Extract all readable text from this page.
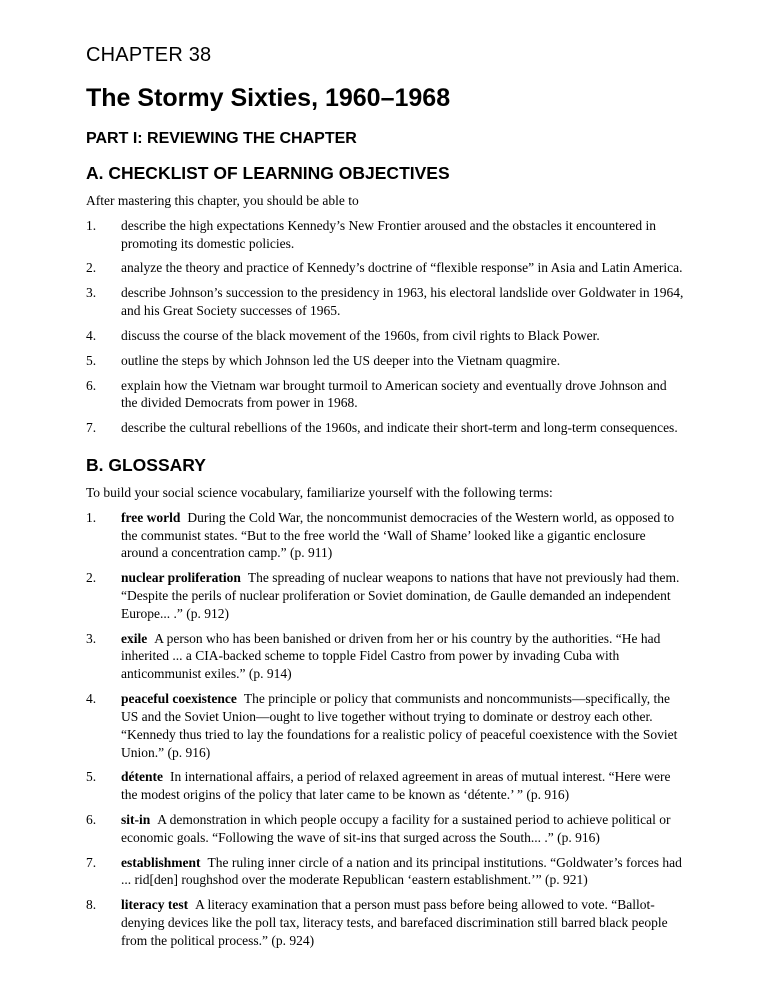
CHAPTER 38
The Stormy Sixties, 1960–1968
PART I: REVIEWING THE CHAPTER
A. CHECKLIST OF LEARNING OBJECTIVES
After mastering this chapter, you should be able to
1.	describe the high expectations Kennedy’s New Frontier aroused and the obstacles it encountered in promoting its domestic policies.
2.	analyze the theory and practice of Kennedy’s doctrine of “flexible response” in Asia and Latin America.
3.	describe Johnson’s succession to the presidency in 1963, his electoral landslide over Goldwater in 1964, and his Great Society successes of 1965.
4.	discuss the course of the black movement of the 1960s, from civil rights to Black Power.
5.	outline the steps by which Johnson led the US deeper into the Vietnam quagmire.
6.	explain how the Vietnam war brought turmoil to American society and eventually drove Johnson and the divided Democrats from power in 1968.
7.	describe the cultural rebellions of the 1960s, and indicate their short-term and long-term consequences.
B. GLOSSARY
To build your social science vocabulary, familiarize yourself with the following terms:
1.	free world During the Cold War, the noncommunist democracies of the Western world, as opposed to the communist states. “But to the free world the ‘Wall of Shame’ looked like a gigantic enclosure around a concentration camp.” (p. 911)
2.	nuclear proliferation The spreading of nuclear weapons to nations that have not previously had them. “Despite the perils of nuclear proliferation or Soviet domination, de Gaulle demanded an independent Europe... .” (p. 912)
3.	exile A person who has been banished or driven from her or his country by the authorities. “He had inherited ... a CIA-backed scheme to topple Fidel Castro from power by invading Cuba with anticommunist exiles.” (p. 914)
4.	peaceful coexistence The principle or policy that communists and noncommunists—specifically, the US and the Soviet Union—ought to live together without trying to dominate or destroy each other. “Kennedy thus tried to lay the foundations for a realistic policy of peaceful coexistence with the Soviet Union.” (p. 916)
5.	détente In international affairs, a period of relaxed agreement in areas of mutual interest. “Here were the modest origins of the policy that later came to be known as ‘détente.’ ” (p. 916)
6.	sit-in A demonstration in which people occupy a facility for a sustained period to achieve political or economic goals. “Following the wave of sit-ins that surged across the South... .” (p. 916)
7.	establishment The ruling inner circle of a nation and its principal institutions. “Goldwater’s forces had ... rid[den] roughshod over the moderate Republican ‘eastern establishment.’” (p. 921)
8.	literacy test A literacy examination that a person must pass before being allowed to vote. “Ballot-denying devices like the poll tax, literacy tests, and barefaced discrimination still barred black people from the political process.” (p. 924)
